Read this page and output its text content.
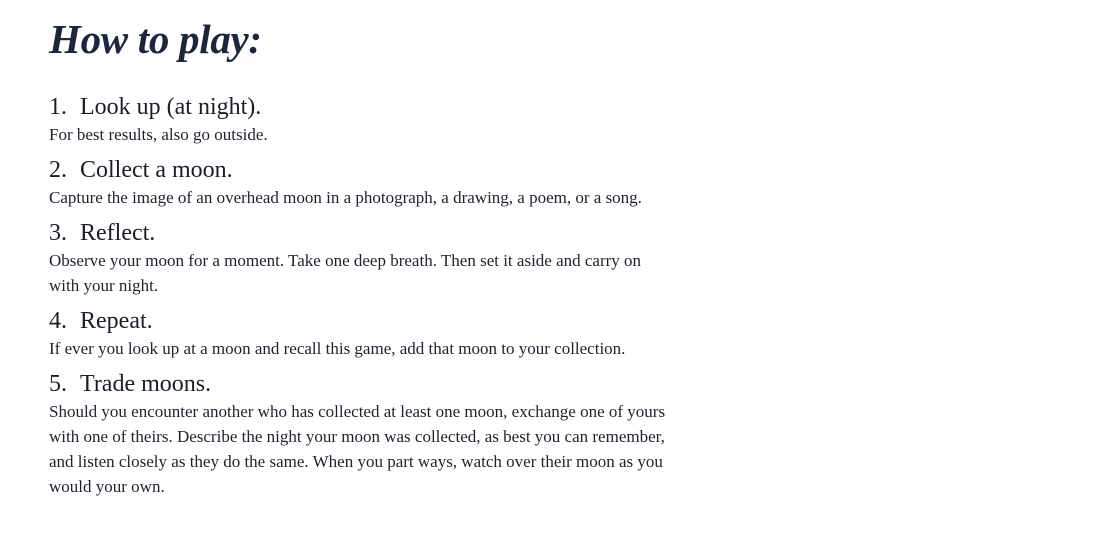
How to play:
1. Look up (at night).

For best results, also go outside.

2. Collect a moon.

Capture the image of an overhead moon in a photograph, a drawing, a poem, or a song.

3. Reflect.

Observe your moon for a moment. Take one deep breath. Then set it aside and carry on with your night.

4. Repeat.

If ever you look up at a moon and recall this game, add that moon to your collection.

5. Trade moons.

Should you encounter another who has collected at least one moon, exchange one of yours with one of theirs. Describe the night your moon was collected, as best you can remember, and listen closely as they do the same. When you part ways, watch over their moon as you would your own.
